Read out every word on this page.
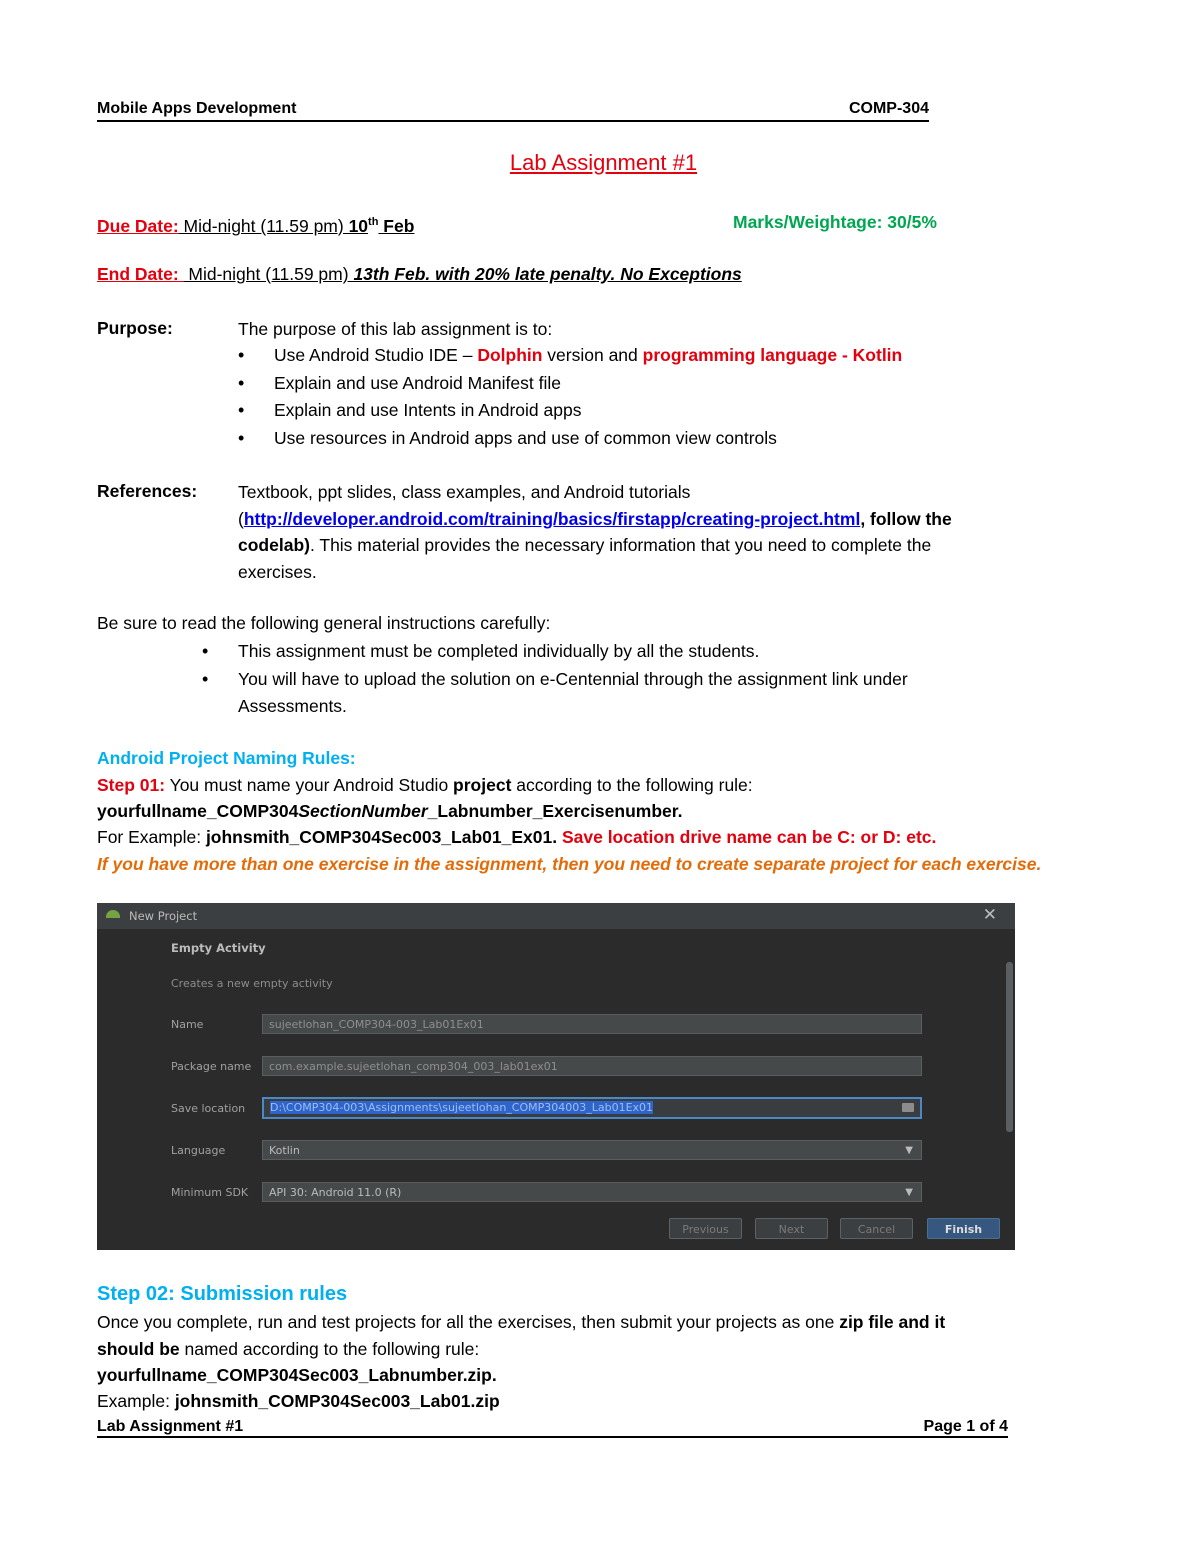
Mobile Apps Development	COMP-304
Lab Assignment #1
Due Date: Mid-night (11.59 pm) 10th Feb	Marks/Weightage: 30/5%
End Date:  Mid-night (11.59 pm) 13th Feb. with 20% late penalty. No Exceptions
Purpose:	The purpose of this lab assignment is to:
• Use Android Studio IDE – Dolphin version and programming language - Kotlin
• Explain and use Android Manifest file
• Explain and use Intents in Android apps
• Use resources in Android apps and use of common view controls
References: Textbook, ppt slides, class examples, and Android tutorials
(http://developer.android.com/training/basics/firstapp/creating-project.html, follow the
codelab). This material provides the necessary information that you need to complete the
exercises.
Be sure to read the following general instructions carefully:
• This assignment must be completed individually by all the students.
• You will have to upload the solution on e-Centennial through the assignment link under
Assessments.
Android Project Naming Rules:
Step 01: You must name your Android Studio project according to the following rule:
yourfullname_COMP304SectionNumber_Labnumber_Exercisenumber.
For Example: johnsmith_COMP304Sec003_Lab01_Ex01. Save location drive name can be C: or D: etc.
If you have more than one exercise in the assignment, then you need to create separate project for each exercise.
New Project	✕
Empty Activity
Creates a new empty activity
Name	sujeetlohan_COMP304-003_Lab01Ex01
Package name	com.example.sujeetlohan_comp304_003_lab01ex01
Save location	D:\COMP304-003\Assignments\sujeetlohan_COMP304003_Lab01Ex01
Language	Kotlin	▼
Minimum SDK	API 30: Android 11.0 (R)	▼
Previous	Next	Cancel	Finish
Step 02: Submission rules
Once you complete, run and test projects for all the exercises, then submit your projects as one zip file and it
should be named according to the following rule:
yourfullname_COMP304Sec003_Labnumber.zip.
Example: johnsmith_COMP304Sec003_Lab01.zip
Lab Assignment #1	Page 1 of 4
